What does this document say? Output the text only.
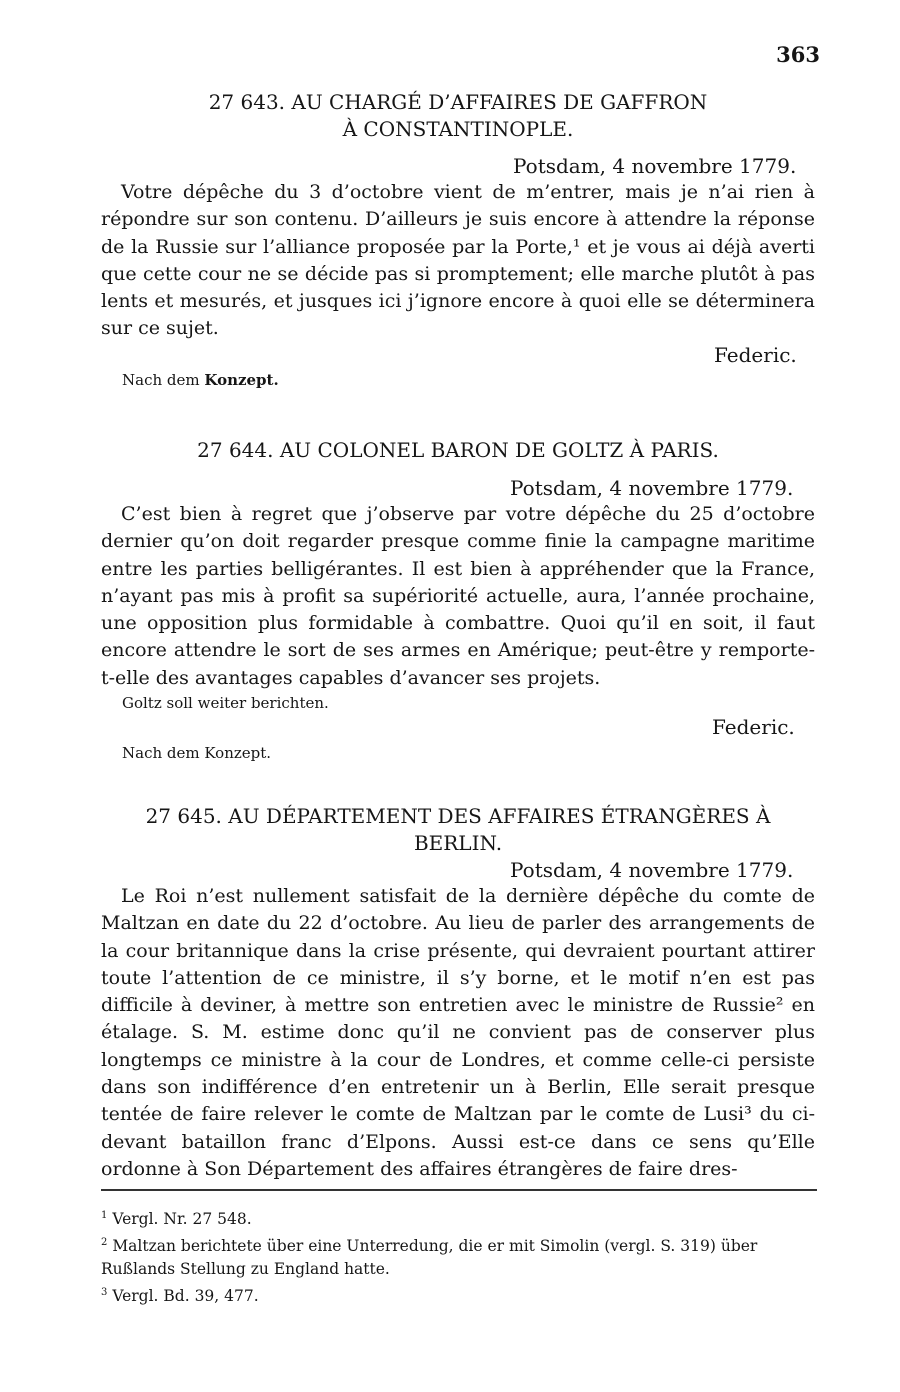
363
27 643. AU CHARGÉ D’AFFAIRES DE GAFFRON
À CONSTANTINOPLE.
Potsdam, 4 novembre 1779.

Votre dépêche du 3 d’octobre vient de m’entrer, mais je n’ai rien à répondre sur son contenu. D’ailleurs je suis encore à attendre la réponse de la Russie sur l’alliance proposée par la Porte,¹ et je vous ai déjà averti que cette cour ne se décide pas si promptement; elle marche plutôt à pas lents et mesurés, et jusques ici j’ignore encore à quoi elle se déterminera sur ce sujet.

Federic.
Nach dem Konzept.
27 644. AU COLONEL BARON DE GOLTZ À PARIS.
Potsdam, 4 novembre 1779.

C’est bien à regret que j’observe par votre dépêche du 25 d’octobre dernier qu’on doit regarder presque comme finie la campagne maritime entre les parties belligérantes. Il est bien à appréhender que la France, n’ayant pas mis à profit sa supériorité actuelle, aura, l’année prochaine, une opposition plus formidable à combattre. Quoi qu’il en soit, il faut encore attendre le sort de ses armes en Amérique; peut-être y remporte-t-elle des avantages capables d’avancer ses projets.

Goltz soll weiter berichten.
Federic.
Nach dem Konzept.
27 645. AU DÉPARTEMENT DES AFFAIRES ÉTRANGÈRES À
BERLIN.
Potsdam, 4 novembre 1779.

Le Roi n’est nullement satisfait de la dernière dépêche du comte de Maltzan en date du 22 d’octobre. Au lieu de parler des arrangements de la cour britannique dans la crise présente, qui devraient pourtant attirer toute l’attention de ce ministre, il s’y borne, et le motif n’en est pas difficile à deviner, à mettre son entretien avec le ministre de Russie² en étalage. S. M. estime donc qu’il ne convient pas de conserver plus longtemps ce ministre à la cour de Londres, et comme celle-ci persiste dans son indifférence d’en entretenir un à Berlin, Elle serait presque tentée de faire relever le comte de Maltzan par le comte de Lusi³ du ci-devant bataillon franc d’Elpons. Aussi est-ce dans ce sens qu’Elle ordonne à Son Département des affaires étrangères de faire dres-

$^1$ Vergl. Nr. 27 548.

$^2$ Maltzan berichtete über eine Unterredung, die er mit Simolin (vergl. S. 319) über

Rußlands Stellung zu England hatte.

$^3$ Vergl. Bd. 39, 477.
